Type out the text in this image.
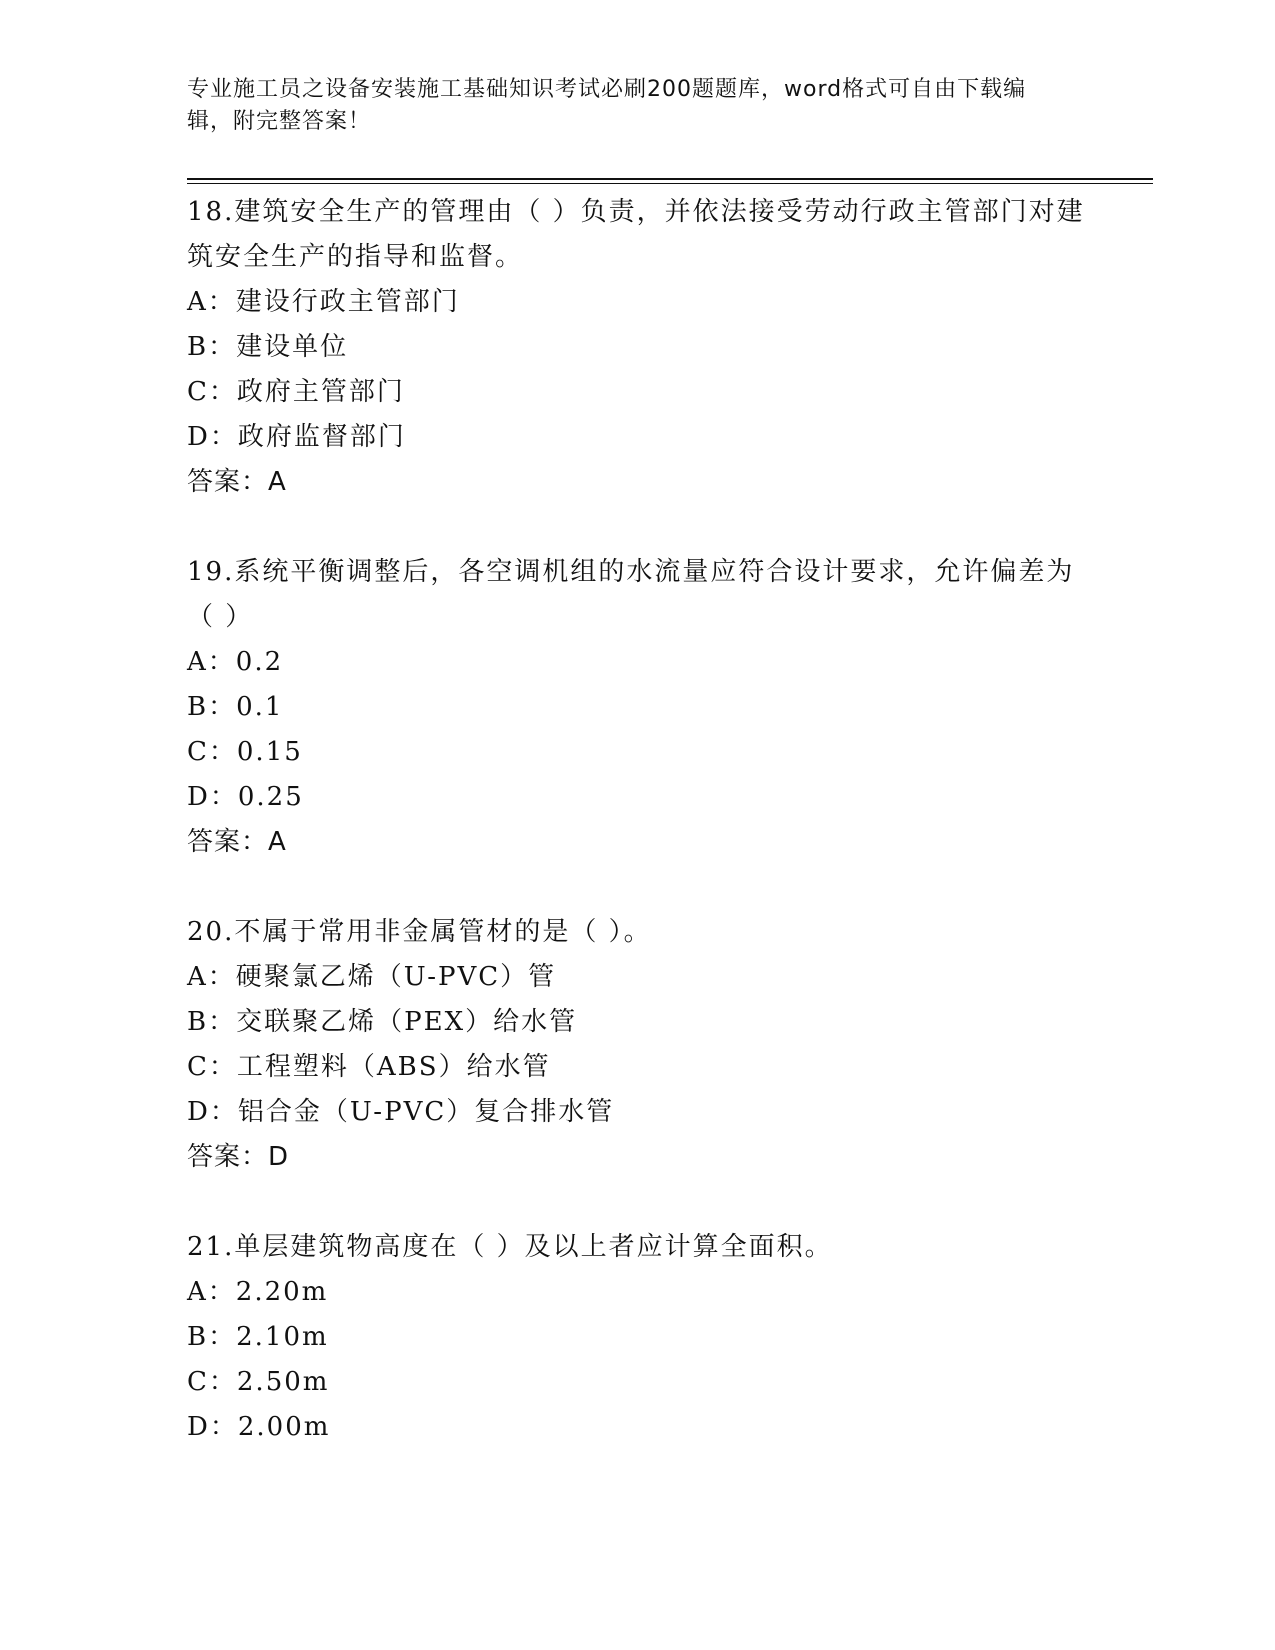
专业施工员之设备安装施工基础知识考试必刷200题题库，word格式可自由下载编辑，附完整答案！

18.建筑安全生产的管理由（ ）负责，并依法接受劳动行政主管部门对建筑安全生产的指导和监督。

A：建设行政主管部门

B：建设单位

C：政府主管部门

D：政府监督部门

答案：A

19.系统平衡调整后，各空调机组的水流量应符合设计要求，允许偏差为（ ）

A：0.2

B：0.1

C：0.15

D：0.25

答案：A

20.不属于常用非金属管材的是（ ）。

A：硬聚氯乙烯（U-PVC）管

B：交联聚乙烯（PEX）给水管

C：工程塑料（ABS）给水管

D：铝合金（U-PVC）复合排水管

答案：D

21.单层建筑物高度在（ ）及以上者应计算全面积。

A：2.20m

B：2.10m

C：2.50m

D：2.00m
